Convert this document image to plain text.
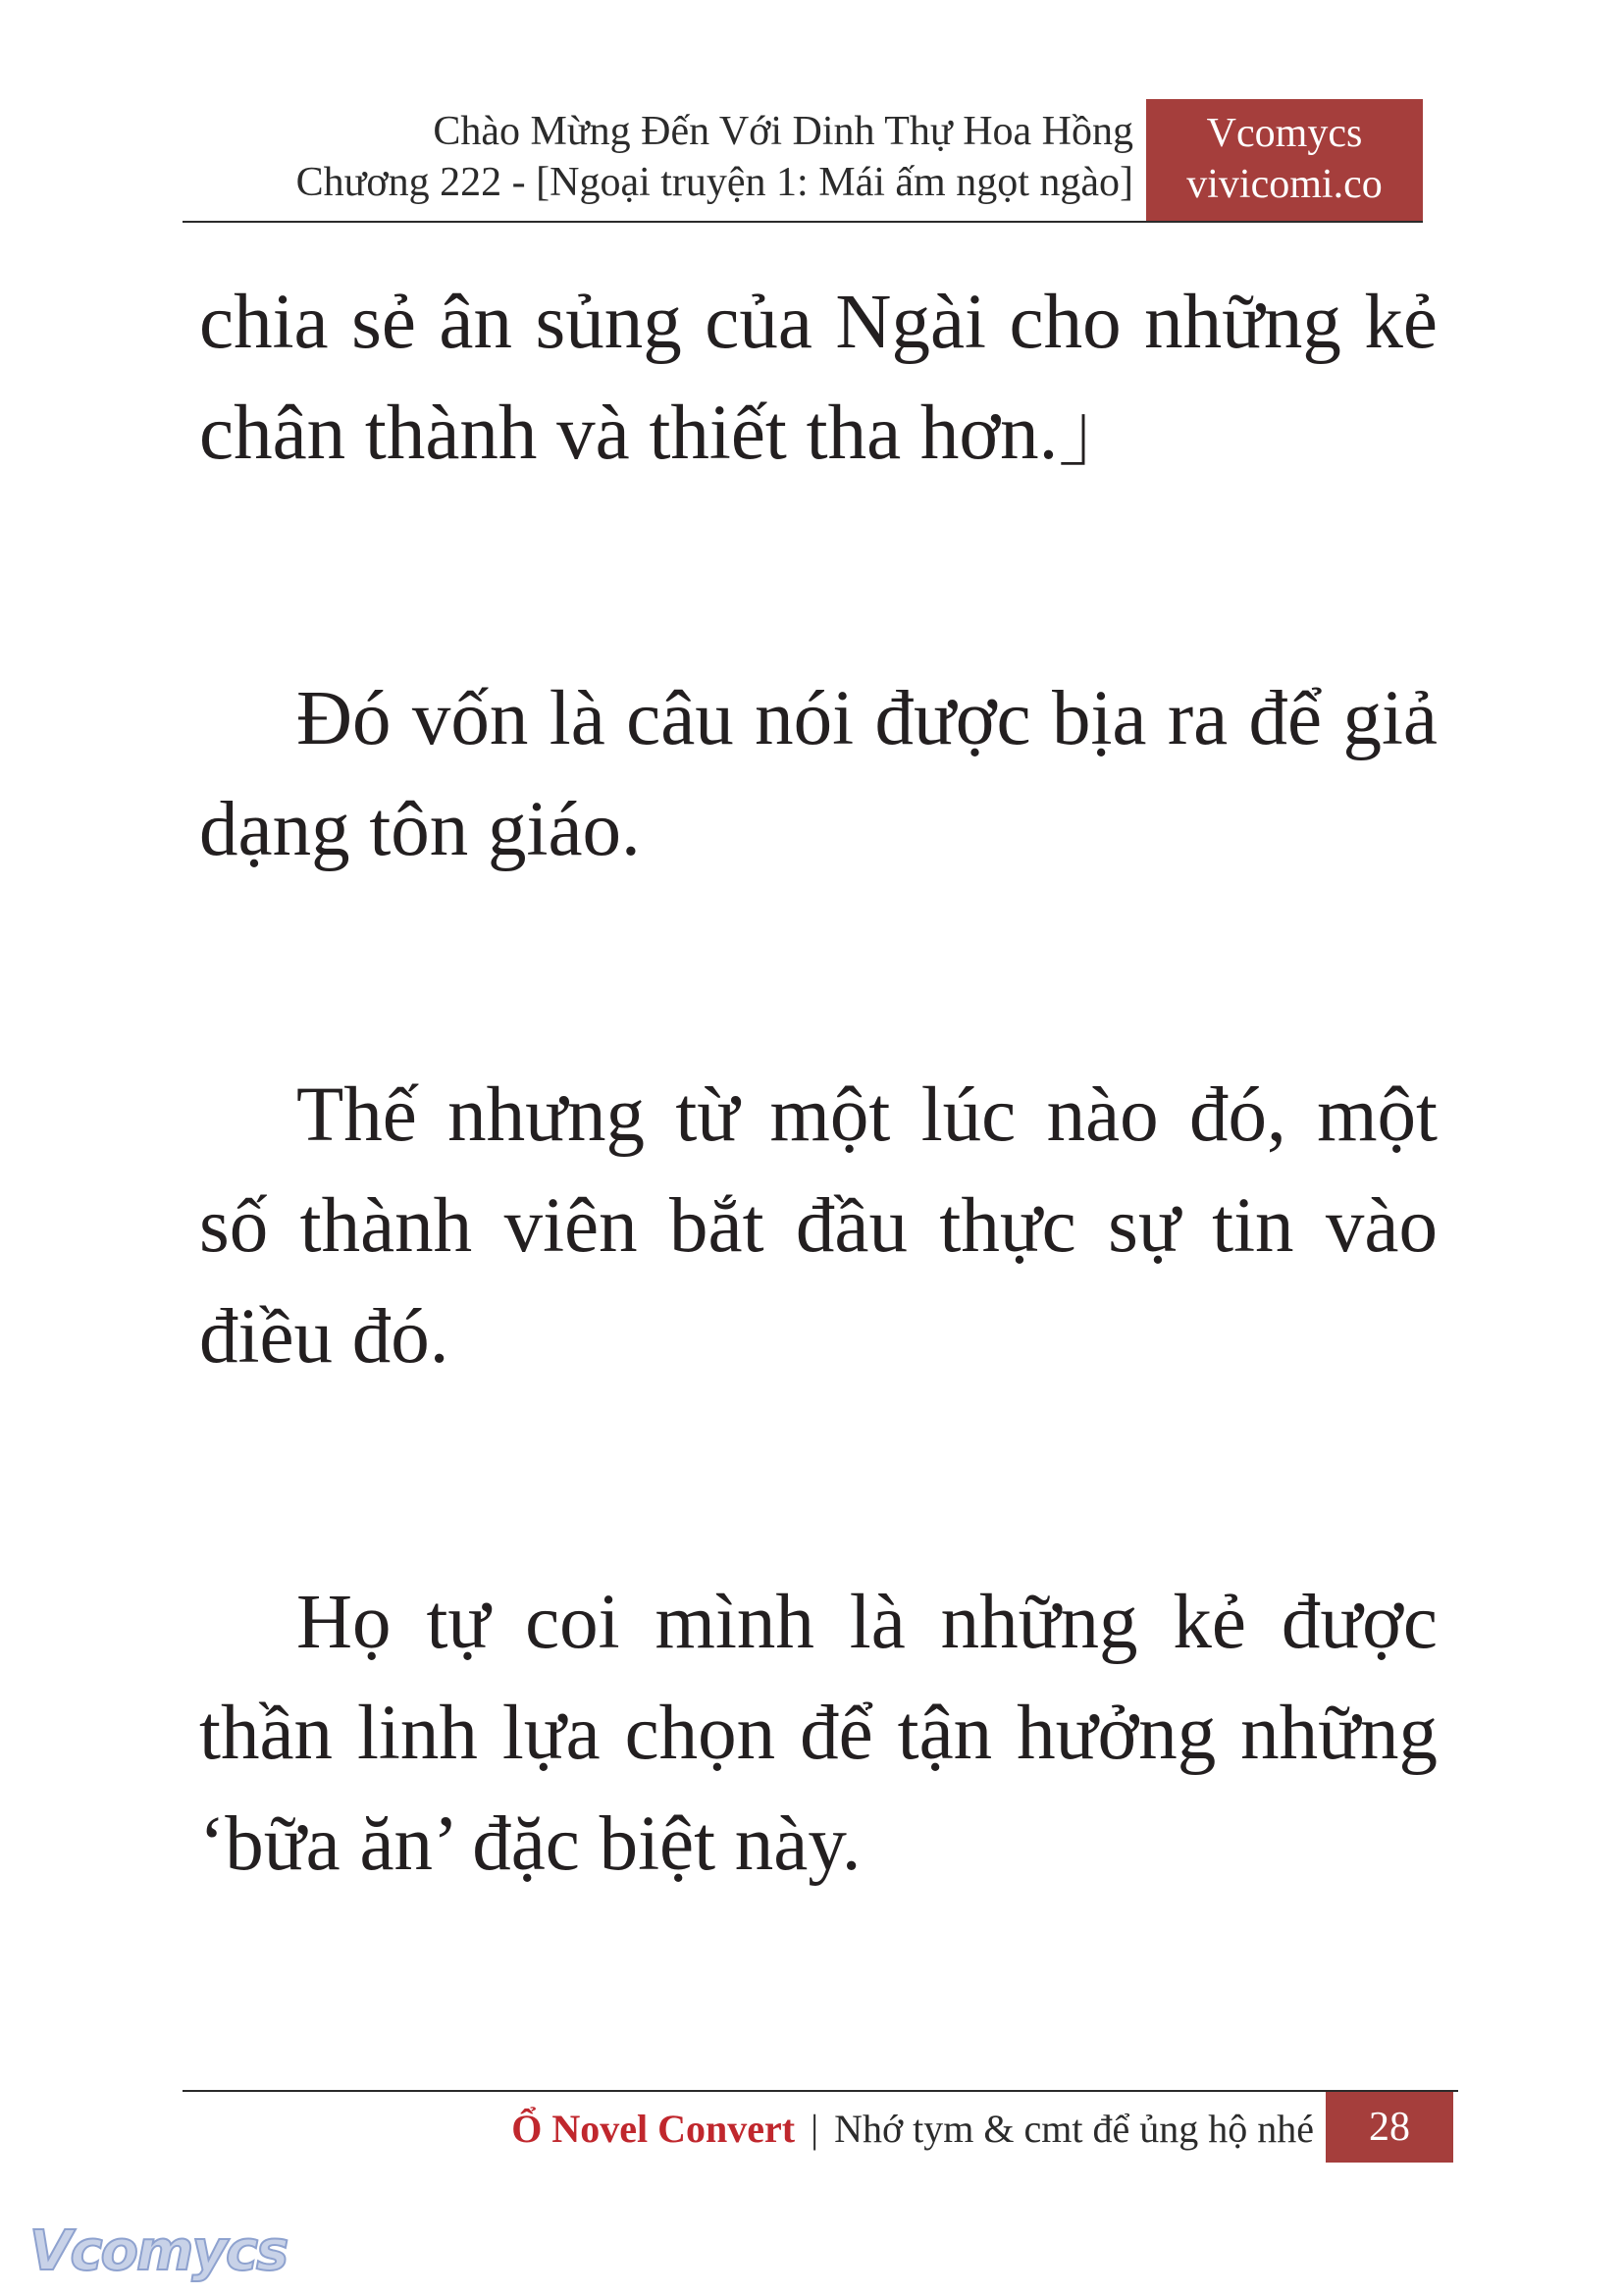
Chào Mừng Đến Với Dinh Thự Hoa Hồng
Chương 222 - [Ngoại truyện 1: Mái ấm ngọt ngào]
Vcomycs
vivicomi.co

chia sẻ ân sủng của Ngài cho những kẻ chân thành và thiết tha hơn.」

Đó vốn là câu nói được bịa ra để giả dạng tôn giáo.

Thế nhưng từ một lúc nào đó, một số thành viên bắt đầu thực sự tin vào điều đó.

Họ tự coi mình là những kẻ được thần linh lựa chọn để tận hưởng những ‘bữa ăn’ đặc biệt này.

Ổ Novel Convert | Nhớ tym & cmt để ủng hộ nhé	28
Vcomycs
